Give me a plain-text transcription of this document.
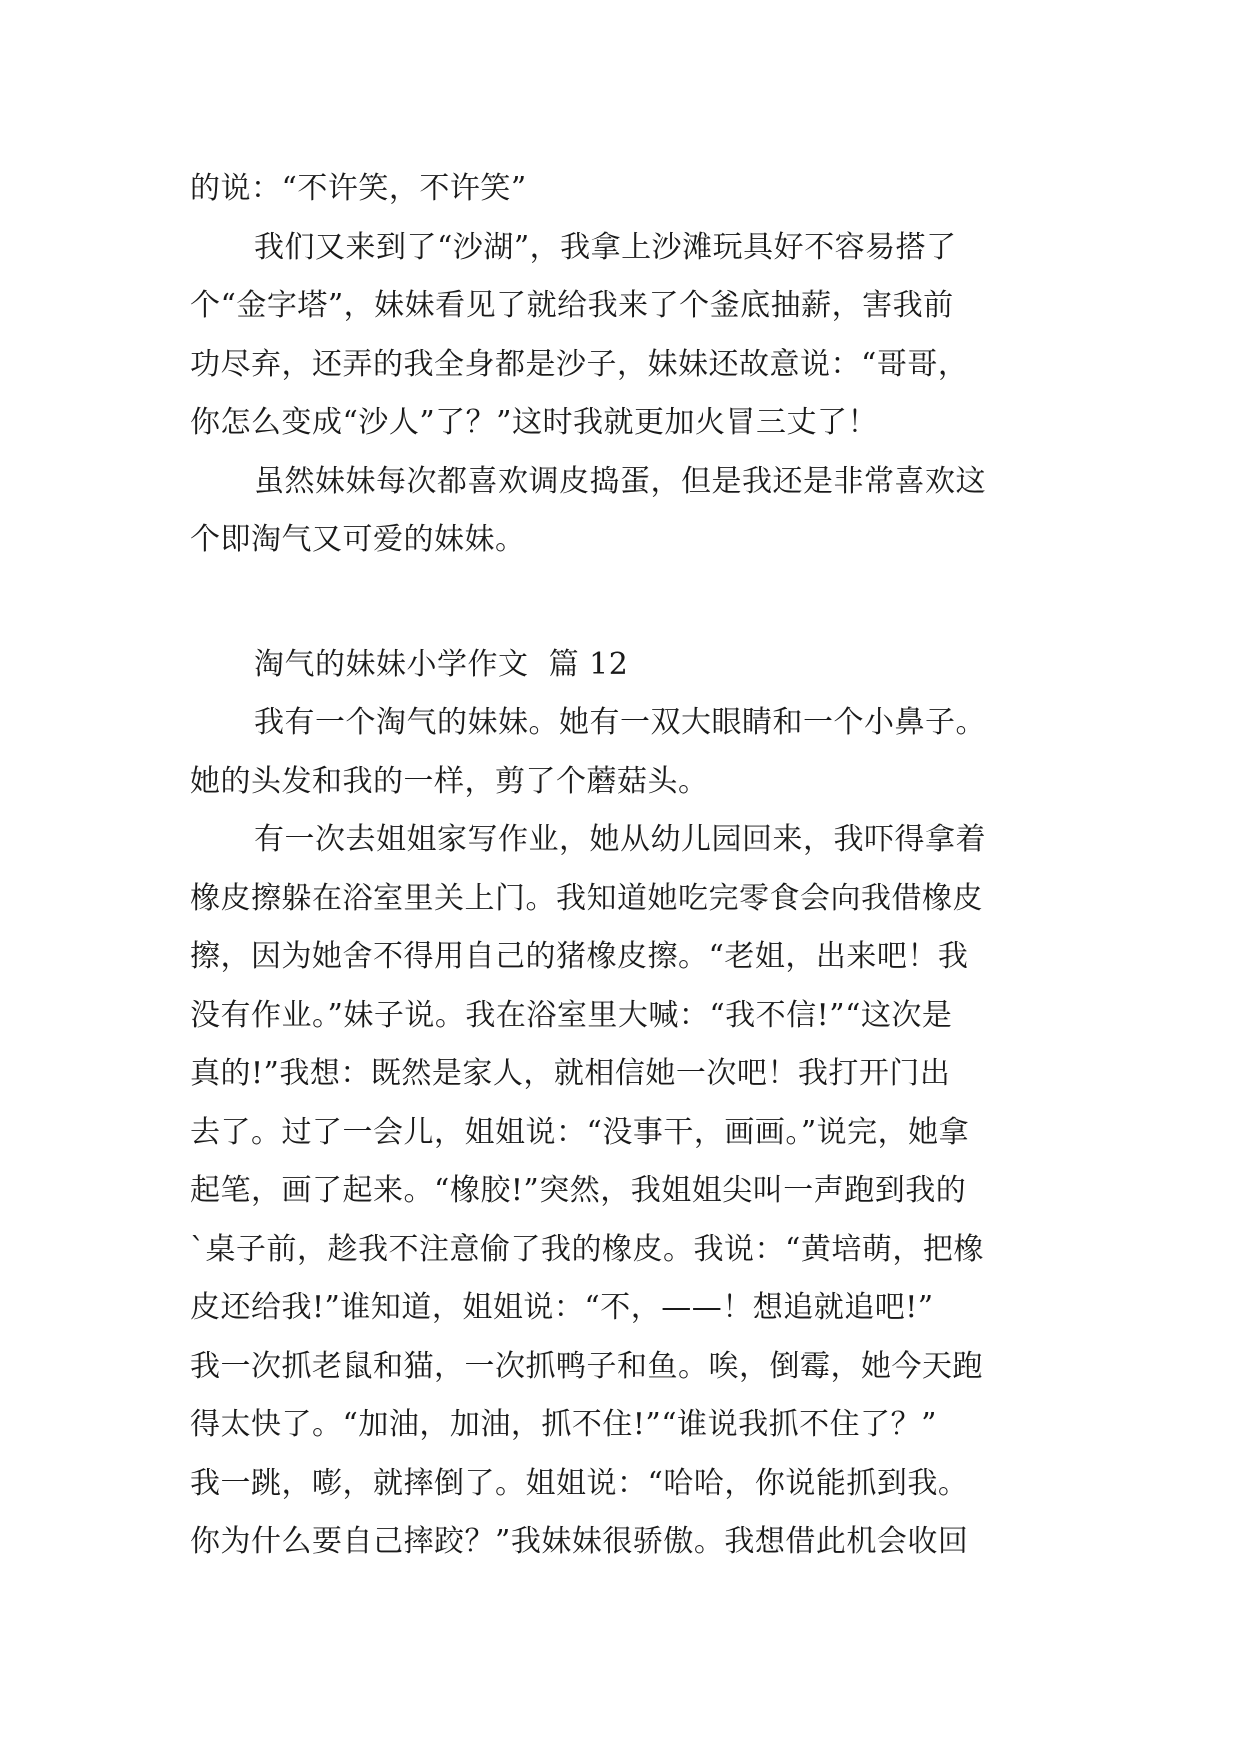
的说：“不许笑，不许笑”
我们又来到了“沙湖”，我拿上沙滩玩具好不容易搭了
个“金字塔”，妹妹看见了就给我来了个釜底抽薪，害我前
功尽弃，还弄的我全身都是沙子，妹妹还故意说：“哥哥，
你怎么变成“沙人”了？”这时我就更加火冒三丈了！
虽然妹妹每次都喜欢调皮捣蛋，但是我还是非常喜欢这
个即淘气又可爱的妹妹。
淘气的妹妹小学作文  篇 12
我有一个淘气的妹妹。她有一双大眼睛和一个小鼻子。
她的头发和我的一样，剪了个蘑菇头。
有一次去姐姐家写作业，她从幼儿园回来，我吓得拿着
橡皮擦躲在浴室里关上门。我知道她吃完零食会向我借橡皮
擦，因为她舍不得用自己的猪橡皮擦。“老姐，出来吧！我
没有作业。”妹子说。我在浴室里大喊：“我不信!”“这次是
真的!”我想：既然是家人，就相信她一次吧！我打开门出
去了。过了一会儿，姐姐说：“没事干，画画。”说完，她拿
起笔，画了起来。“橡胶!”突然，我姐姐尖叫一声跑到我的
`桌子前，趁我不注意偷了我的橡皮。我说：“黄培萌，把橡
皮还给我!”谁知道，姐姐说：“不，——！想追就追吧!”
我一次抓老鼠和猫，一次抓鸭子和鱼。唉，倒霉，她今天跑
得太快了。“加油，加油，抓不住!”“谁说我抓不住了？”
我一跳，嘭，就摔倒了。姐姐说：“哈哈，你说能抓到我。
你为什么要自己摔跤？”我妹妹很骄傲。我想借此机会收回
